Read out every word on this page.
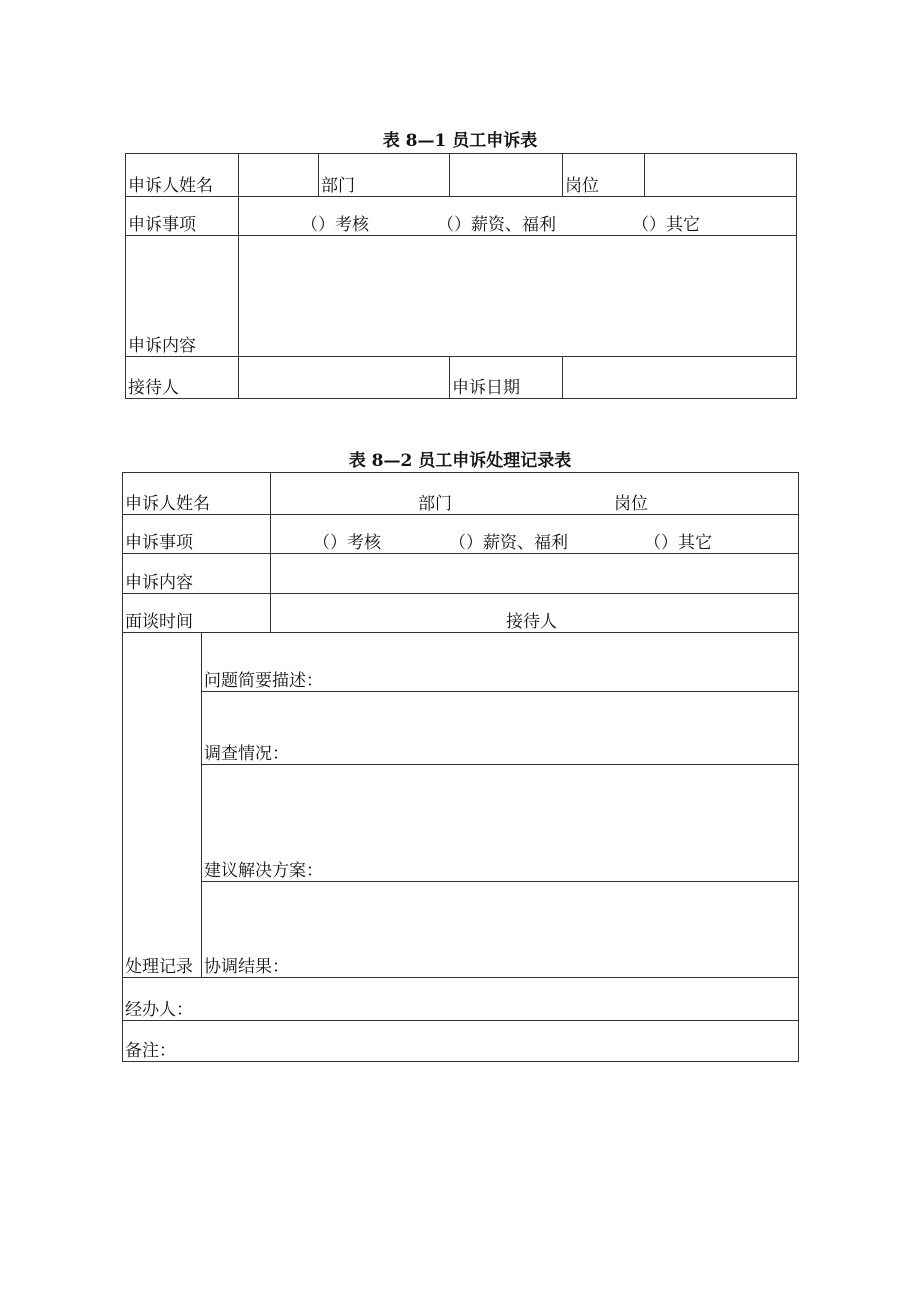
表 8—1 员工申诉表
申诉人姓名		部门		岗位	
申诉事项	（）考核 （）薪资、福利 （）其它				
申诉内容					
接待人			申诉日期		
表 8—2 员工申诉处理记录表
申诉人姓名		部门 岗位
申诉事项		（）考核 （）薪资、福利 （）其它
申诉内容		
面谈时间		接待人
处理记录	问题简要描述：	
	调查情况：	
	建议解决方案：	
	协调结果：	
经办人：		
备注：		
